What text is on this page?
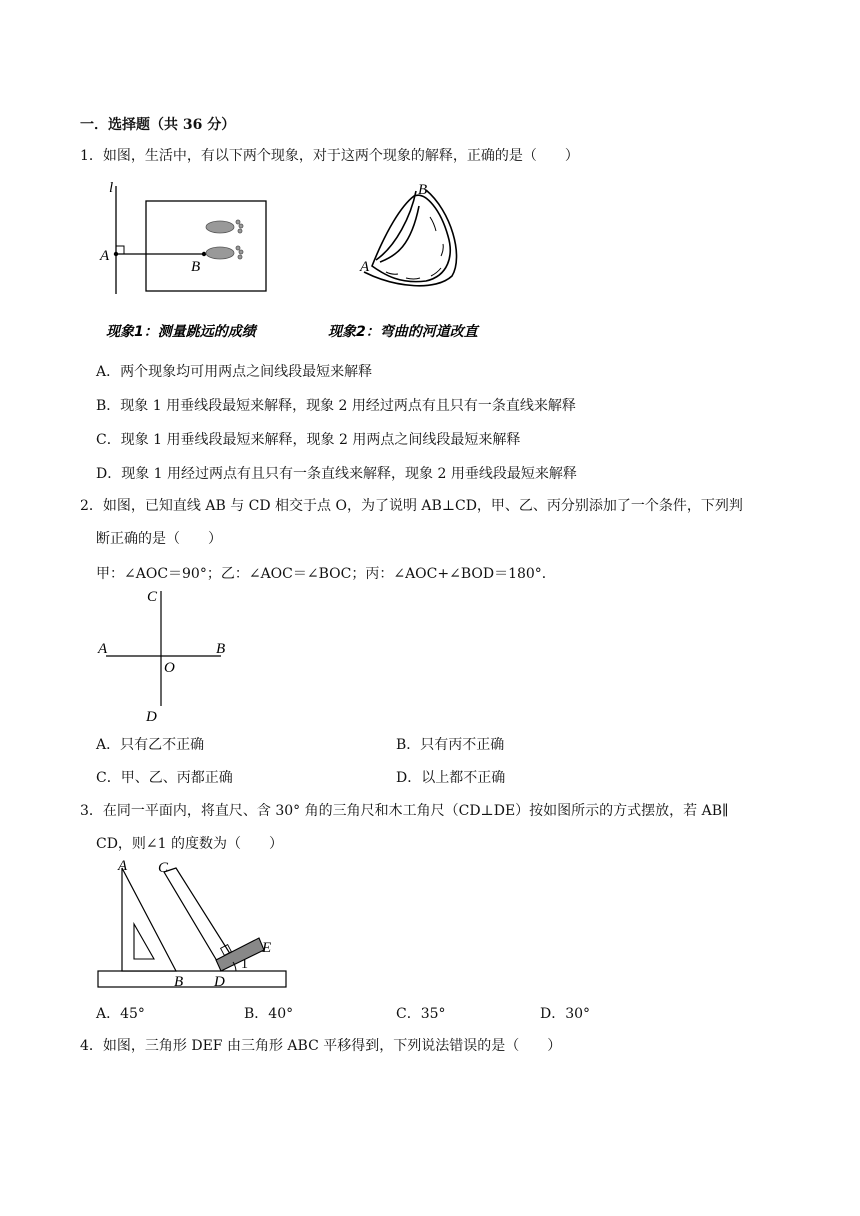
一．选择题（共 36 分）
1．如图，生活中，有以下两个现象，对于这两个现象的解释，正确的是（　　）
l
A
B
B
A
现象1：测量跳远的成绩	现象2：弯曲的河道改直
A．两个现象均可用两点之间线段最短来解释
B．现象 1 用垂线段最短来解释，现象 2 用经过两点有且只有一条直线来解释
C．现象 1 用垂线段最短来解释，现象 2 用两点之间线段最短来解释
D．现象 1 用经过两点有且只有一条直线来解释，现象 2 用垂线段最短来解释
2．如图，已知直线 AB 与 CD 相交于点 O，为了说明 AB⊥CD，甲、乙、丙分别添加了一个条件，下列判
断正确的是（　　）
甲：∠AOC＝90°；乙：∠AOC＝∠BOC；丙：∠AOC+∠BOD＝180°．
C
A	B
O
D
A．只有乙不正确	B．只有丙不正确
C．甲、乙、丙都正确	D．以上都不正确
3．在同一平面内，将直尺、含 30° 角的三角尺和木工角尺（CD⊥DE）按如图所示的方式摆放，若 AB∥
CD，则∠1 的度数为（　　）
A C
E
1
B D
A．45°	B．40°	C．35°	D．30°
4．如图，三角形 DEF 由三角形 ABC 平移得到，下列说法错误的是（　　）
